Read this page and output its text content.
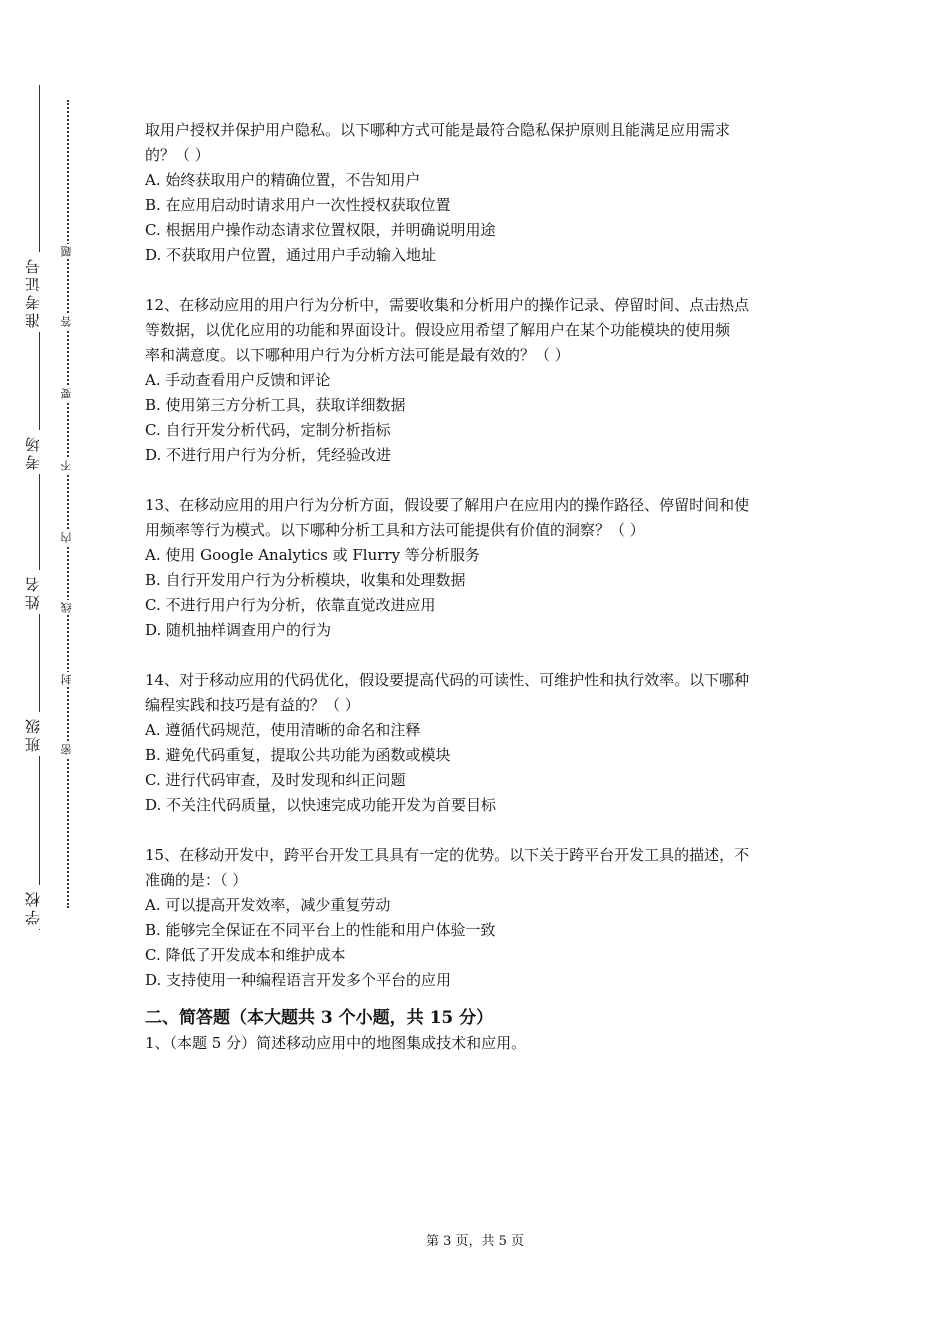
准考证号
考场
姓名
班级
学校
题
答
要
不
内
线
封
密
取用户授权并保护用户隐私。以下哪种方式可能是最符合隐私保护原则且能满足应用需求
的？（ ）
A. 始终获取用户的精确位置，不告知用户
B. 在应用启动时请求用户一次性授权获取位置
C. 根据用户操作动态请求位置权限，并明确说明用途
D. 不获取用户位置，通过用户手动输入地址
12、在移动应用的用户行为分析中，需要收集和分析用户的操作记录、停留时间、点击热点
等数据，以优化应用的功能和界面设计。假设应用希望了解用户在某个功能模块的使用频
率和满意度。以下哪种用户行为分析方法可能是最有效的？（ ）
A. 手动查看用户反馈和评论
B. 使用第三方分析工具，获取详细数据
C. 自行开发分析代码，定制分析指标
D. 不进行用户行为分析，凭经验改进
13、在移动应用的用户行为分析方面，假设要了解用户在应用内的操作路径、停留时间和使
用频率等行为模式。以下哪种分析工具和方法可能提供有价值的洞察？（ ）
A. 使用 Google Analytics 或 Flurry 等分析服务
B. 自行开发用户行为分析模块，收集和处理数据
C. 不进行用户行为分析，依靠直觉改进应用
D. 随机抽样调查用户的行为
14、对于移动应用的代码优化，假设要提高代码的可读性、可维护性和执行效率。以下哪种
编程实践和技巧是有益的？（ ）
A. 遵循代码规范，使用清晰的命名和注释
B. 避免代码重复，提取公共功能为函数或模块
C. 进行代码审查，及时发现和纠正问题
D. 不关注代码质量，以快速完成功能开发为首要目标
15、在移动开发中，跨平台开发工具具有一定的优势。以下关于跨平台开发工具的描述，不
准确的是：（ ）
A. 可以提高开发效率，减少重复劳动
B. 能够完全保证在不同平台上的性能和用户体验一致
C. 降低了开发成本和维护成本
D. 支持使用一种编程语言开发多个平台的应用
二、简答题（本大题共 3 个小题，共 15 分）
1、（本题 5 分）简述移动应用中的地图集成技术和应用。
第 3 页，共 5 页
